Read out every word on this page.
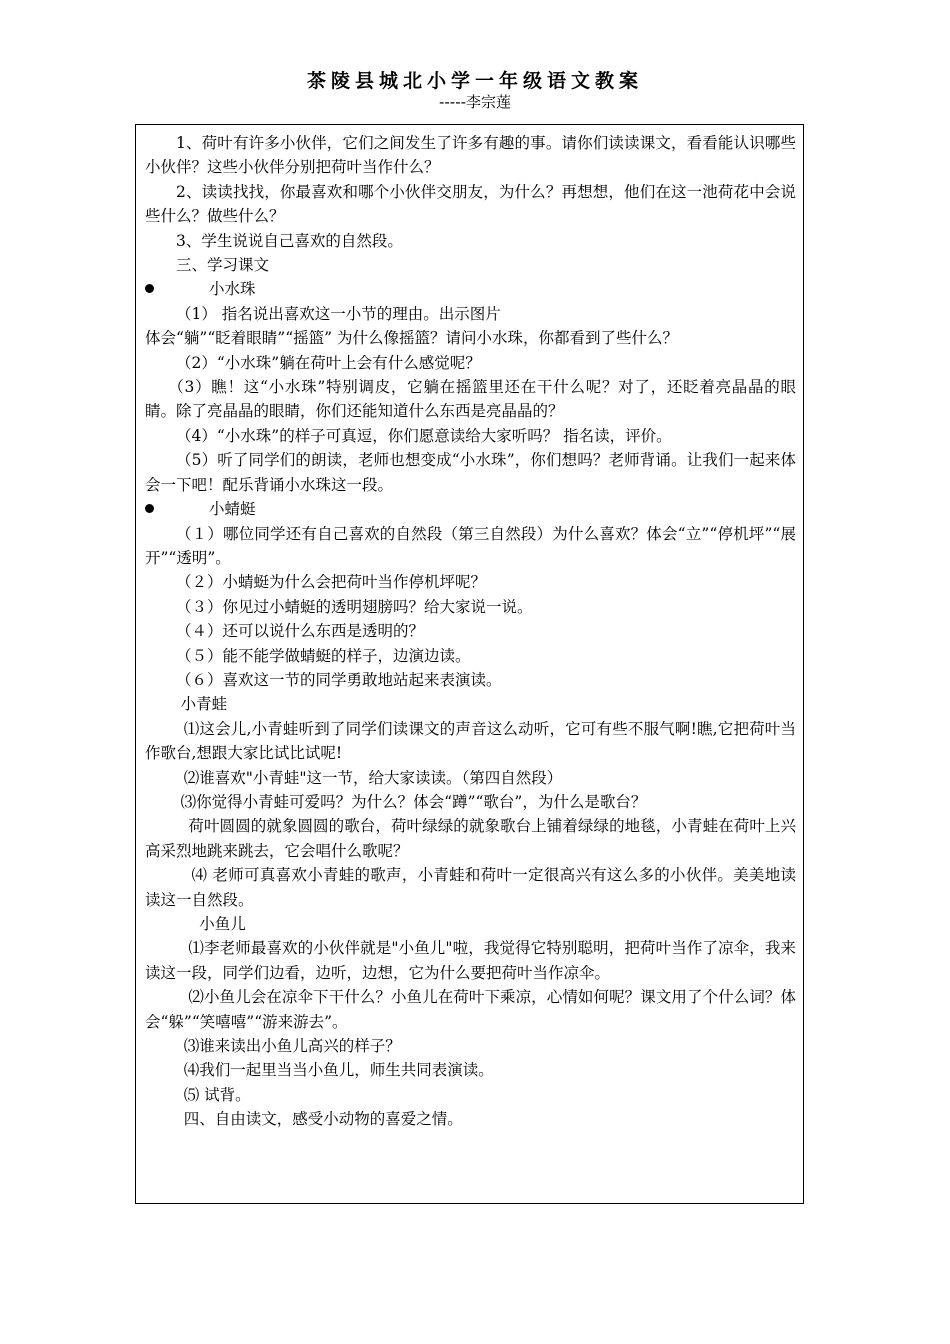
茶陵县城北小学一年级语文教案
-----李宗莲

1、荷叶有许多小伙伴，它们之间发生了许多有趣的事。请你们读读课文，看看能认识哪些小伙伴？这些小伙伴分别把荷叶当作什么？

2、读读找找，你最喜欢和哪个小伙伴交朋友，为什么？再想想，他们在这一池荷花中会说些什么？做些什么？

3、学生说说自己喜欢的自然段。

三、学习课文

小水珠

（1） 指名说出喜欢这一小节的理由。出示图片

体会“躺”“眨着眼睛”“摇篮” 为什么像摇篮？请问小水珠，你都看到了些什么？

（2）“小水珠”躺在荷叶上会有什么感觉呢？

（3）瞧！这“小水珠”特别调皮，它躺在摇篮里还在干什么呢？对了，还眨着亮晶晶的眼睛。除了亮晶晶的眼睛，你们还能知道什么东西是亮晶晶的？

（4）“小水珠”的样子可真逗，你们愿意读给大家听吗？ 指名读，评价。

（5）听了同学们的朗读，老师也想变成“小水珠”，你们想吗？老师背诵。让我们一起来体会一下吧！配乐背诵小水珠这一段。

小蜻蜓

（１）哪位同学还有自己喜欢的自然段（第三自然段）为什么喜欢？体会“立”“停机坪”“展开”“透明”。

（２）小蜻蜓为什么会把荷叶当作停机坪呢？

（３）你见过小蜻蜓的透明翅膀吗？给大家说一说。

（４）还可以说什么东西是透明的？

（５）能不能学做蜻蜓的样子，边演边读。

（６）喜欢这一节的同学勇敢地站起来表演读。

小青蛙

⑴这会儿,小青蛙听到了同学们读课文的声音这么动听，它可有些不服气啊!瞧,它把荷叶当作歌台,想跟大家比试比试呢!

⑵谁喜欢"小青蛙"这一节，给大家读读。（第四自然段）

⑶你觉得小青蛙可爱吗？为什么？体会“蹲”“歌台”，为什么是歌台？

荷叶圆圆的就象圆圆的歌台，荷叶绿绿的就象歌台上铺着绿绿的地毯，小青蛙在荷叶上兴高采烈地跳来跳去，它会唱什么歌呢？

⑷ 老师可真喜欢小青蛙的歌声，小青蛙和荷叶一定很高兴有这么多的小伙伴。美美地读读这一自然段。

小鱼儿

⑴李老师最喜欢的小伙伴就是"小鱼儿"啦，我觉得它特别聪明，把荷叶当作了凉伞，我来读这一段，同学们边看，边听，边想，它为什么要把荷叶当作凉伞。

⑵小鱼儿会在凉伞下干什么？小鱼儿在荷叶下乘凉，心情如何呢？课文用了个什么词？体会“躲”“笑嘻嘻”“游来游去”。

⑶谁来读出小鱼儿高兴的样子？

⑷我们一起里当当小鱼儿，师生共同表演读。

⑸ 试背。

四、自由读文，感受小动物的喜爱之情。
